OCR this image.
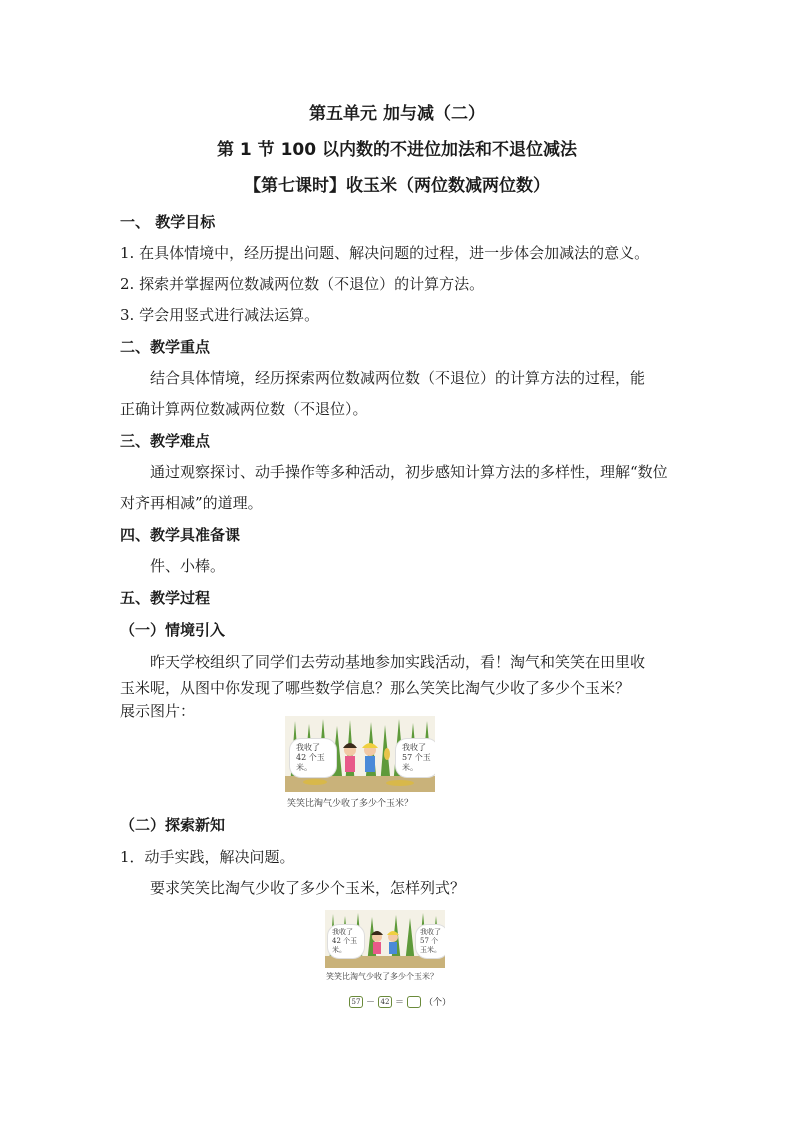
第五单元 加与减（二）
第 1 节 100 以内数的不进位加法和不退位减法
【第七课时】收玉米（两位数减两位数）
一、 教学目标
1. 在具体情境中，经历提出问题、解决问题的过程，进一步体会加减法的意义。
2. 探索并掌握两位数减两位数（不退位）的计算方法。
3. 学会用竖式进行减法运算。
二、教学重点
结合具体情境，经历探索两位数减两位数（不退位）的计算方法的过程，能
正确计算两位数减两位数（不退位）。
三、教学难点
通过观察探讨、动手操作等多种活动，初步感知计算方法的多样性，理解“数位
对齐再相减”的道理。
四、教学具准备课
件、小棒。
五、教学过程
（一）情境引入
昨天学校组织了同学们去劳动基地参加实践活动，看！淘气和笑笑在田里收
玉米呢，从图中你发现了哪些数学信息？那么笑笑比淘气少收了多少个玉米？
展示图片：
我收了 42 个玉米。
我收了 57 个玉米。
笑笑比淘气少收了多少个玉米？
（二）探索新知
1．动手实践，解决问题。
要求笑笑比淘气少收了多少个玉米，怎样列式？
我收了 42 个玉米。
我收了 57 个玉米。
笑笑比淘气少收了多少个玉米？
57 － 42 ＝ （个）
